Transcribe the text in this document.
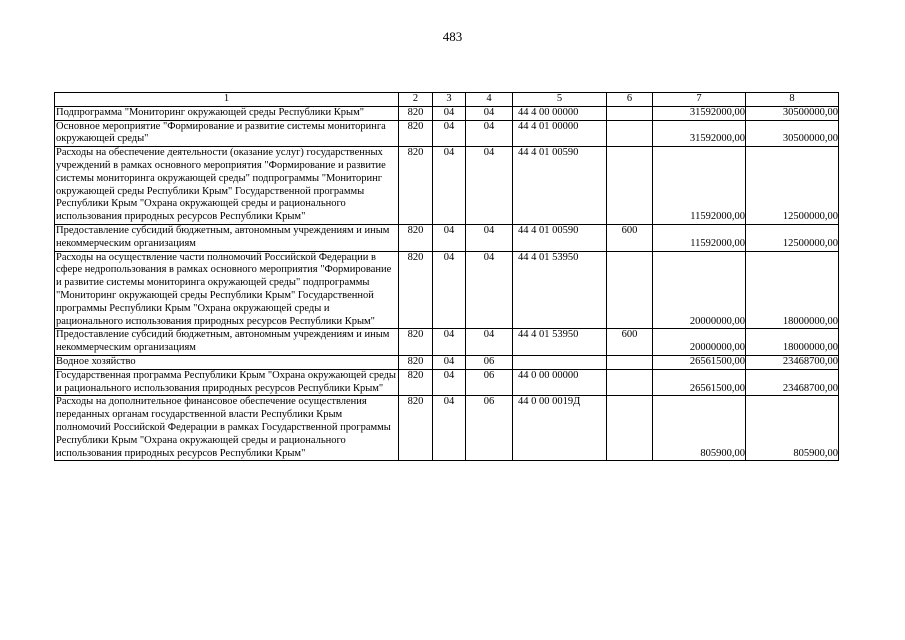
483
1	2	3	4	5	6	7	8
Подпрограмма "Мониторинг окружающей среды Республики Крым"	820	04	04	44 4 00 00000		31592000,00	30500000,00
Основное мероприятие "Формирование и развитие системы мониторинга окружающей среды"	820	04	04	44 4 01 00000		31592000,00	30500000,00
Расходы на обеспечение деятельности (оказание услуг) государственных учреждений в рамках основного мероприятия "Формирование и развитие системы мониторинга окружающей среды" подпрограммы "Мониторинг окружающей среды Республики Крым" Государственной программы Республики Крым "Охрана окружающей среды и рационального использования природных ресурсов Республики Крым"	820	04	04	44 4 01 00590		11592000,00	12500000,00
Предоставление субсидий бюджетным, автономным учреждениям и иным некоммерческим организациям	820	04	04	44 4 01 00590	600	11592000,00	12500000,00
Расходы на осуществление части полномочий Российской Федерации в сфере недропользования в рамках основного мероприятия "Формирование и развитие системы мониторинга окружающей среды" подпрограммы "Мониторинг окружающей среды Республики Крым" Государственной программы Республики Крым "Охрана окружающей среды и рационального использования природных ресурсов Республики Крым"	820	04	04	44 4 01 53950		20000000,00	18000000,00
Предоставление субсидий бюджетным, автономным учреждениям и иным некоммерческим организациям	820	04	04	44 4 01 53950	600	20000000,00	18000000,00
Водное хозяйство	820	04	06			26561500,00	23468700,00
Государственная программа Республики Крым "Охрана окружающей среды и рационального использования природных ресурсов Республики Крым"	820	04	06	44 0 00 00000		26561500,00	23468700,00
Расходы на дополнительное финансовое обеспечение осуществления переданных органам государственной власти Республики Крым полномочий Российской Федерации в рамках Государственной программы Республики Крым "Охрана окружающей среды и рационального использования природных ресурсов Республики Крым"	820	04	06	44 0 00 0019Д		805900,00	805900,00
